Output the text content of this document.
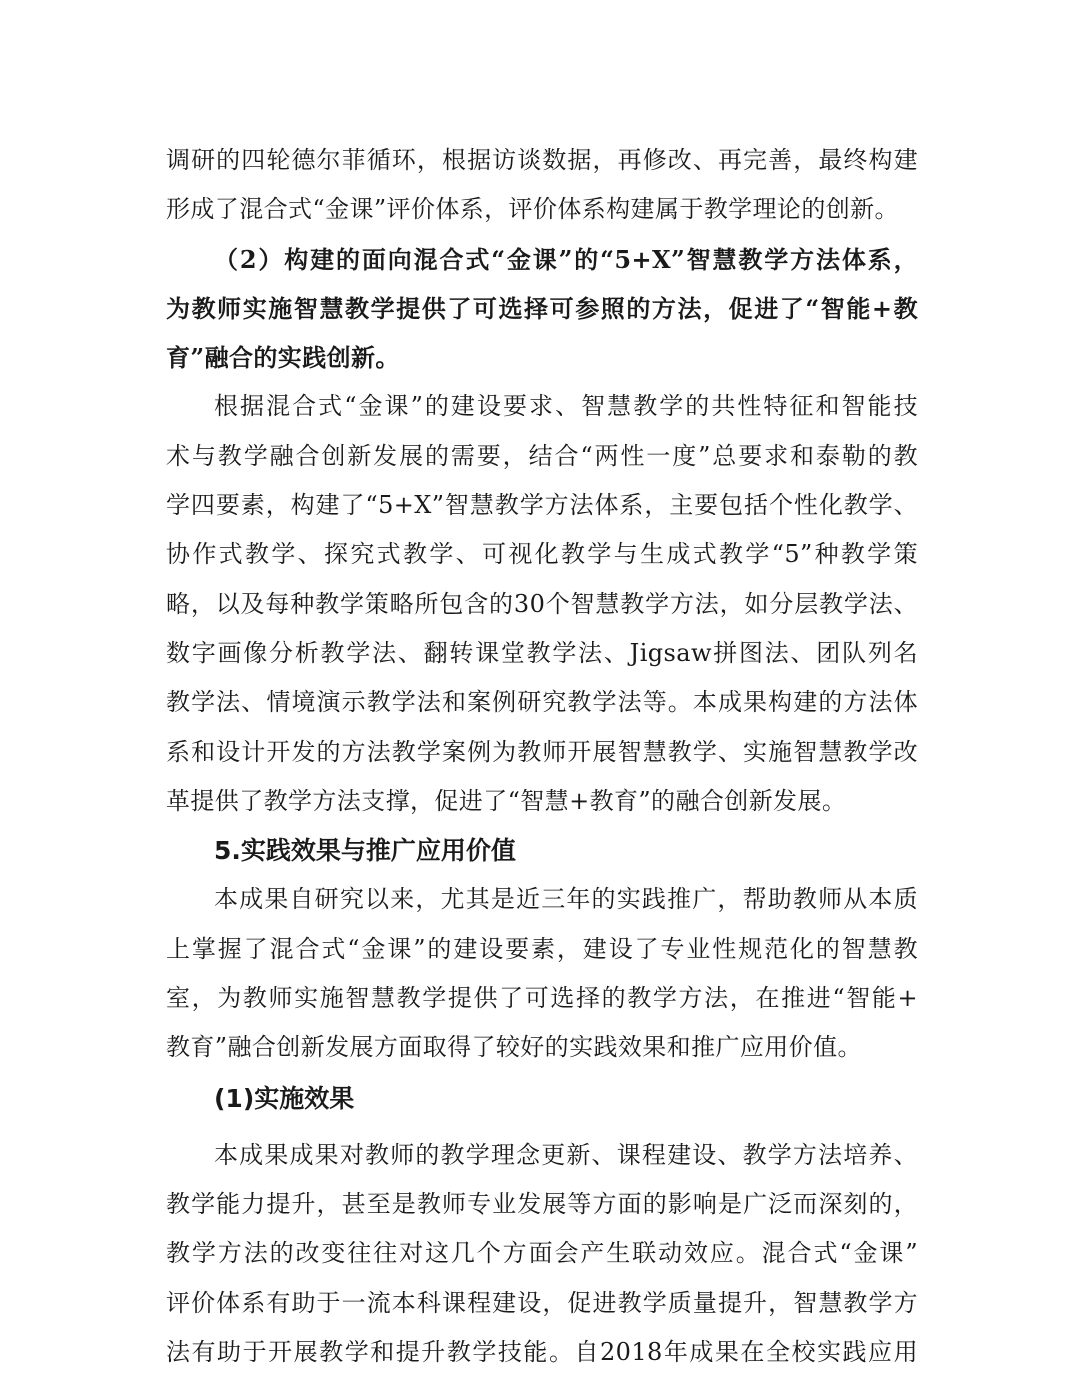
调研的四轮德尔菲循环，根据访谈数据，再修改、再完善，最终构建
形成了混合式“金课”评价体系，评价体系构建属于教学理论的创新。
（2）构建的面向混合式“金课”的“5+X”智慧教学方法体系，
为教师实施智慧教学提供了可选择可参照的方法，促进了“智能+教
育”融合的实践创新。
根据混合式“金课”的建设要求、智慧教学的共性特征和智能技
术与教学融合创新发展的需要，结合“两性一度”总要求和泰勒的教
学四要素，构建了“5+X”智慧教学方法体系，主要包括个性化教学、
协作式教学、探究式教学、可视化教学与生成式教学“5”种教学策
略，以及每种教学策略所包含的30个智慧教学方法，如分层教学法、
数字画像分析教学法、翻转课堂教学法、Jigsaw拼图法、团队列名
教学法、情境演示教学法和案例研究教学法等。本成果构建的方法体
系和设计开发的方法教学案例为教师开展智慧教学、实施智慧教学改
革提供了教学方法支撑，促进了“智慧+教育”的融合创新发展。
5.实践效果与推广应用价值
本成果自研究以来，尤其是近三年的实践推广，帮助教师从本质
上掌握了混合式“金课”的建设要素，建设了专业性规范化的智慧教
室，为教师实施智慧教学提供了可选择的教学方法，在推进“智能+
教育”融合创新发展方面取得了较好的实践效果和推广应用价值。
(1)实施效果
本成果成果对教师的教学理念更新、课程建设、教学方法培养、
教学能力提升，甚至是教师专业发展等方面的影响是广泛而深刻的，
教学方法的改变往往对这几个方面会产生联动效应。混合式“金课”
评价体系有助于一流本科课程建设，促进教学质量提升，智慧教学方
法有助于开展教学和提升教学技能。自2018年成果在全校实践应用
